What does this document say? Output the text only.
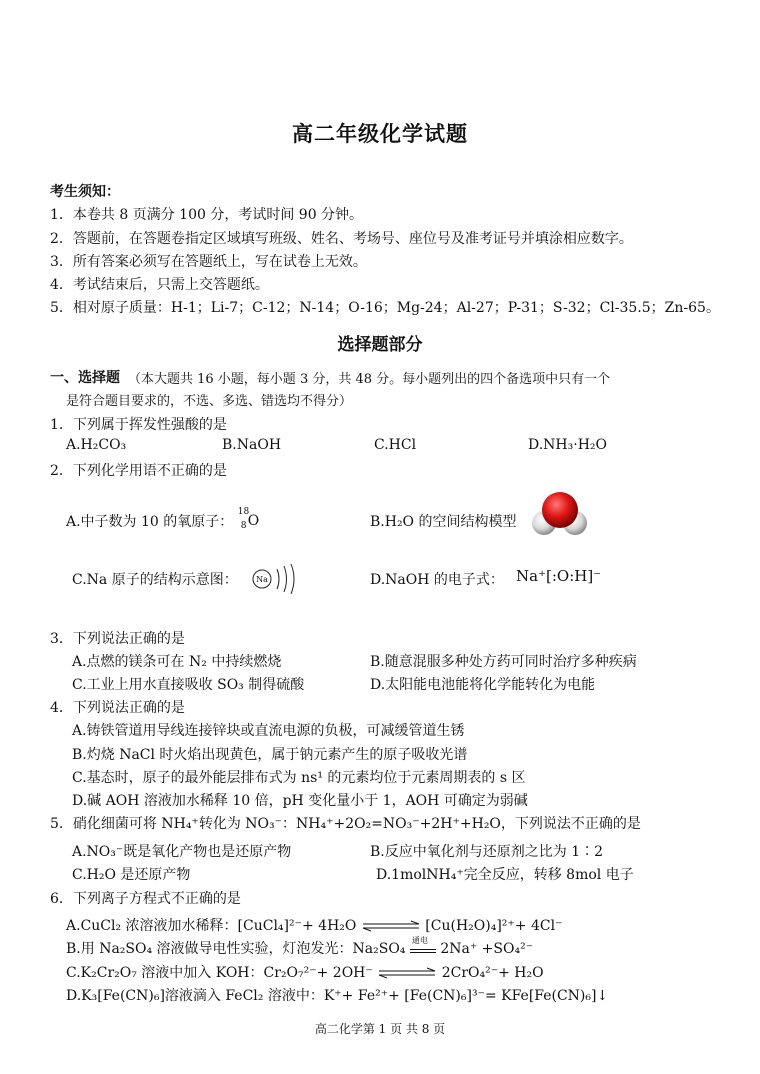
高二年级化学试题
考生须知：
1．本卷共 8 页满分 100 分，考试时间 90 分钟。
2．答题前，在答题卷指定区域填写班级、姓名、考场号、座位号及准考证号并填涂相应数字。
3．所有答案必须写在答题纸上，写在试卷上无效。
4．考试结束后，只需上交答题纸。
5．相对原子质量：H-1；Li-7；C-12；N-14；O-16；Mg-24；Al-27；P-31；S-32；Cl-35.5；Zn-65。
选择题部分
一、选择题 （本大题共 16 小题，每小题 3 分，共 48 分。每小题列出的四个备选项中只有一个
是符合题目要求的，不选、多选、错选均不得分）
1．下列属于挥发性强酸的是
A.H₂CO₃	B.NaOH	C.HCl	D.NH₃·H₂O
2．下列化学用语不正确的是
A.中子数为 10 的氧原子：
18
8 O	B.H₂O 的空间结构模型
C.Na 原子的结构示意图： Na	D.NaOH 的电子式： Na⁺[:O:H]⁻
3．下列说法正确的是
A.点燃的镁条可在 N₂ 中持续燃烧	B.随意混服多种处方药可同时治疗多种疾病
C.工业上用水直接吸收 SO₃ 制得硫酸	D.太阳能电池能将化学能转化为电能
4．下列说法正确的是
A.铸铁管道用导线连接锌块或直流电源的负极，可减缓管道生锈
B.灼烧 NaCl 时火焰出现黄色，属于钠元素产生的原子吸收光谱
C.基态时，原子的最外能层排布式为 ns¹ 的元素均位于元素周期表的 s 区
D.碱 AOH 溶液加水稀释 10 倍，pH 变化量小于 1，AOH 可确定为弱碱
5．硝化细菌可将 NH₄⁺转化为 NO₃⁻：NH₄⁺+2O₂=NO₃⁻+2H⁺+H₂O，下列说法不正确的是
A.NO₃⁻既是氧化产物也是还原产物	B.反应中氧化剂与还原剂之比为 1∶2
C.H₂O 是还原产物	D.1molNH₄⁺完全反应，转移 8mol 电子
6．下列离子方程式不正确的是
A.CuCl₂ 浓溶液加水稀释：[CuCl₄]²⁻+ 4H₂O	[Cu(H₂O)₄]²⁺+ 4Cl⁻
B.用 Na₂SO₄ 溶液做导电性实验，灯泡发光：Na₂SO₄
通电
2Na⁺ +SO₄²⁻
C.K₂Cr₂O₇ 溶液中加入 KOH：Cr₂O₇²⁻+ 2OH⁻	2CrO₄²⁻+ H₂O
D.K₃[Fe(CN)₆]溶液滴入 FeCl₂ 溶液中：K⁺+ Fe²⁺+ [Fe(CN)₆]³⁻= KFe[Fe(CN)₆]↓
高二化学第 1 页 共 8 页
